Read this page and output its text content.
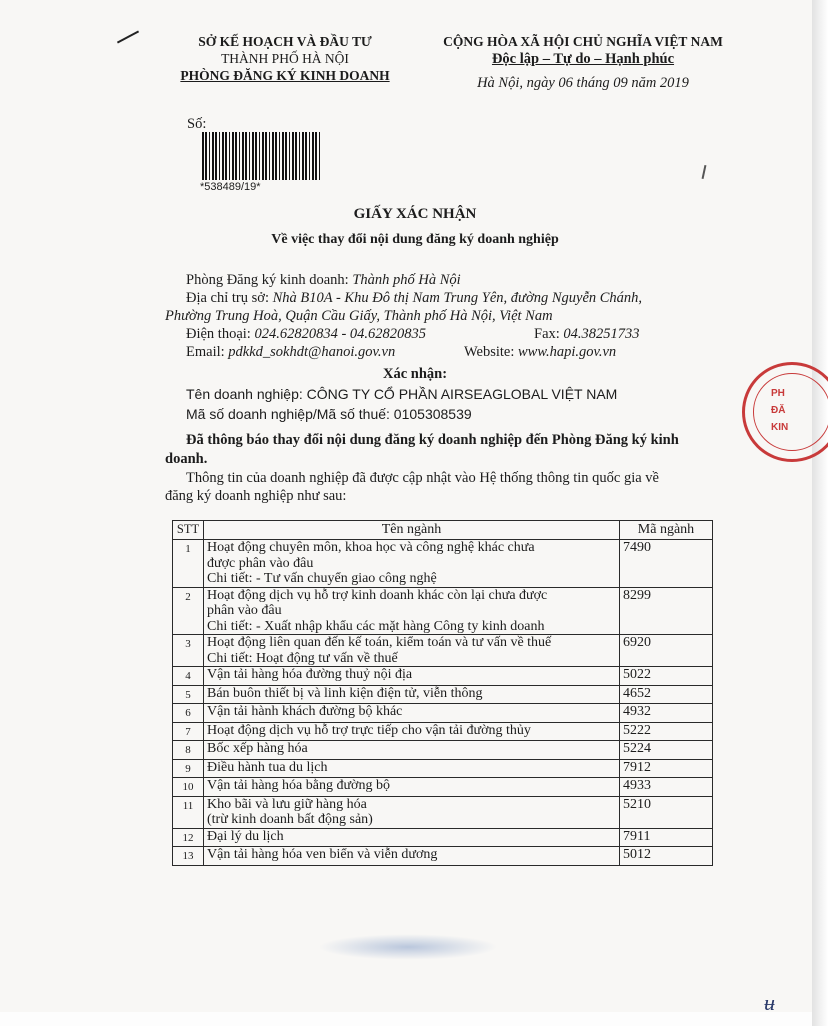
SỞ KẾ HOẠCH VÀ ĐẦU TƯ
THÀNH PHỐ HÀ NỘI
PHÒNG ĐĂNG KÝ KINH DOANH
CỘNG HÒA XÃ HỘI CHỦ NGHĨA VIỆT NAM
Độc lập – Tự do – Hạnh phúc
Hà Nội, ngày 06 tháng 09 năm 2019
Số:
*538489/19*
GIẤY XÁC NHẬN
Về việc thay đổi nội dung đăng ký doanh nghiệp
Phòng Đăng ký kinh doanh: Thành phố Hà Nội
Địa chỉ trụ sở: Nhà B10A - Khu Đô thị Nam Trung Yên, đường Nguyễn Chánh,
Phường Trung Hoà, Quận Cầu Giấy, Thành phố Hà Nội, Việt Nam
Điện thoại: 024.62820834 - 04.62820835	Fax: 04.38251733
Email: pdkkd_sokhdt@hanoi.gov.vn	Website: www.hapi.gov.vn
Xác nhận:
Tên doanh nghiệp: CÔNG TY CỔ PHẦN AIRSEAGLOBAL VIỆT NAM
Mã số doanh nghiệp/Mã số thuế: 0105308539
Đã thông báo thay đổi nội dung đăng ký doanh nghiệp đến Phòng Đăng ký kinh
doanh.
Thông tin của doanh nghiệp đã được cập nhật vào Hệ thống thông tin quốc gia về
đăng ký doanh nghiệp như sau:
STT	Tên ngành	Mã ngành
1	Hoạt động chuyên môn, khoa học và công nghệ khác chưa
được phân vào đâu
Chi tiết: - Tư vấn chuyển giao công nghệ	7490
2	Hoạt động dịch vụ hỗ trợ kinh doanh khác còn lại chưa được
phân vào đâu
Chi tiết: - Xuất nhập khẩu các mặt hàng Công ty kinh doanh	8299
3	Hoạt động liên quan đến kế toán, kiểm toán và tư vấn về thuế
Chi tiết: Hoạt động tư vấn về thuế	6920
4	Vận tải hàng hóa đường thuỷ nội địa	5022
5	Bán buôn thiết bị và linh kiện điện tử, viễn thông	4652
6	Vận tải hành khách đường bộ khác	4932
7	Hoạt động dịch vụ hỗ trợ trực tiếp cho vận tải đường thủy	5222
8	Bốc xếp hàng hóa	5224
9	Điều hành tua du lịch	7912
10	Vận tải hàng hóa bằng đường bộ	4933
11	Kho bãi và lưu giữ hàng hóa
(trừ kinh doanh bất động sản)	5210
12	Đại lý du lịch	7911
13	Vận tải hàng hóa ven biển và viễn dương	5012
PH
ĐĂ
KIN
ʉ
